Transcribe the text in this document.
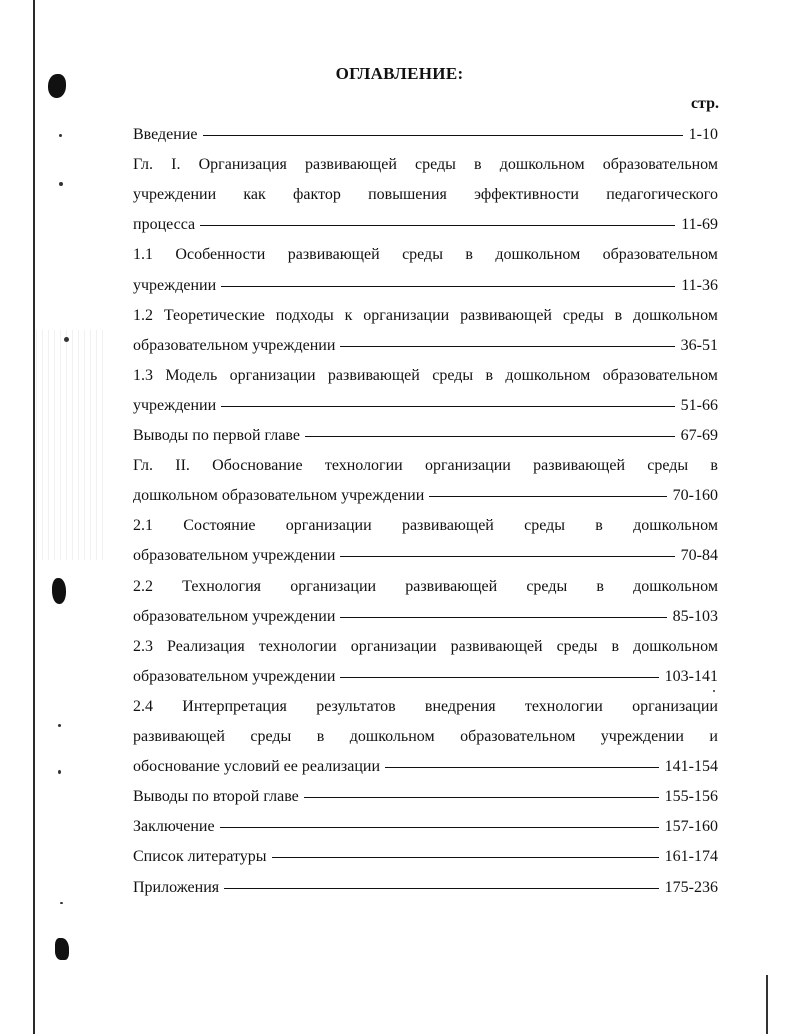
ОГЛАВЛЕНИЕ:
стр.
Введение	1-10
Гл. I. Организация развивающей среды в дошкольном образовательном
учреждении как фактор повышения эффективности педагогического
процесса	11-69
1.1 Особенности развивающей среды в дошкольном образовательном
учреждении	11-36
1.2 Теоретические подходы к организации развивающей среды в дошкольном
образовательном учреждении	36-51
1.3 Модель организации развивающей среды в дошкольном образовательном
учреждении	51-66
Выводы по первой главе	67-69
Гл. II. Обоснование технологии организации развивающей среды в
дошкольном образовательном учреждении	70-160
2.1 Состояние организации развивающей среды в дошкольном
образовательном учреждении	70-84
2.2 Технология организации развивающей среды в дошкольном
образовательном учреждении	85-103
2.3 Реализация технологии организации развивающей среды в дошкольном
образовательном учреждении	103-141
2.4 Интерпретация результатов внедрения технологии организации
развивающей среды в дошкольном образовательном учреждении и
обоснование условий ее реализации	141-154
Выводы по второй главе	155-156
Заключение	157-160
Список литературы	161-174
Приложения	175-236
